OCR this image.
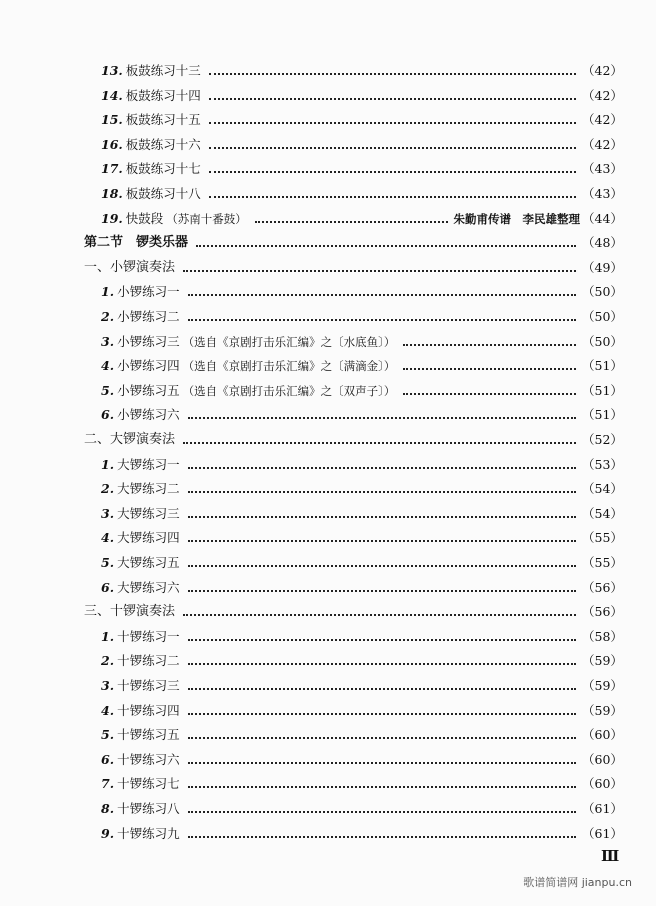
13. 板鼓练习十三	（42）
14. 板鼓练习十四	（42）
15. 板鼓练习十五	（42）
16. 板鼓练习十六	（42）
17. 板鼓练习十七	（43）
18. 板鼓练习十八	（43）
19. 快鼓段 （苏南十番鼓）	朱勤甫传谱　李民雄整理 （44）
第二节　锣类乐器	（48）
一、小锣演奏法	（49）
1. 小锣练习一	（50）
2. 小锣练习二	（50）
3. 小锣练习三 （选自《京剧打击乐汇编》之〔水底鱼〕）	（50）
4. 小锣练习四 （选自《京剧打击乐汇编》之〔满滴金〕）	（51）
5. 小锣练习五 （选自《京剧打击乐汇编》之〔双声子〕）	（51）
6. 小锣练习六	（51）
二、大锣演奏法	（52）
1. 大锣练习一	（53）
2. 大锣练习二	（54）
3. 大锣练习三	（54）
4. 大锣练习四	（55）
5. 大锣练习五	（55）
6. 大锣练习六	（56）
三、十锣演奏法	（56）
1. 十锣练习一	（58）
2. 十锣练习二	（59）
3. 十锣练习三	（59）
4. 十锣练习四	（59）
5. 十锣练习五	（60）
6. 十锣练习六	（60）
7. 十锣练习七	（60）
8. 十锣练习八	（61）
9. 十锣练习九	（61）
Ⅲ
歌谱简谱网 jianpu.cn
